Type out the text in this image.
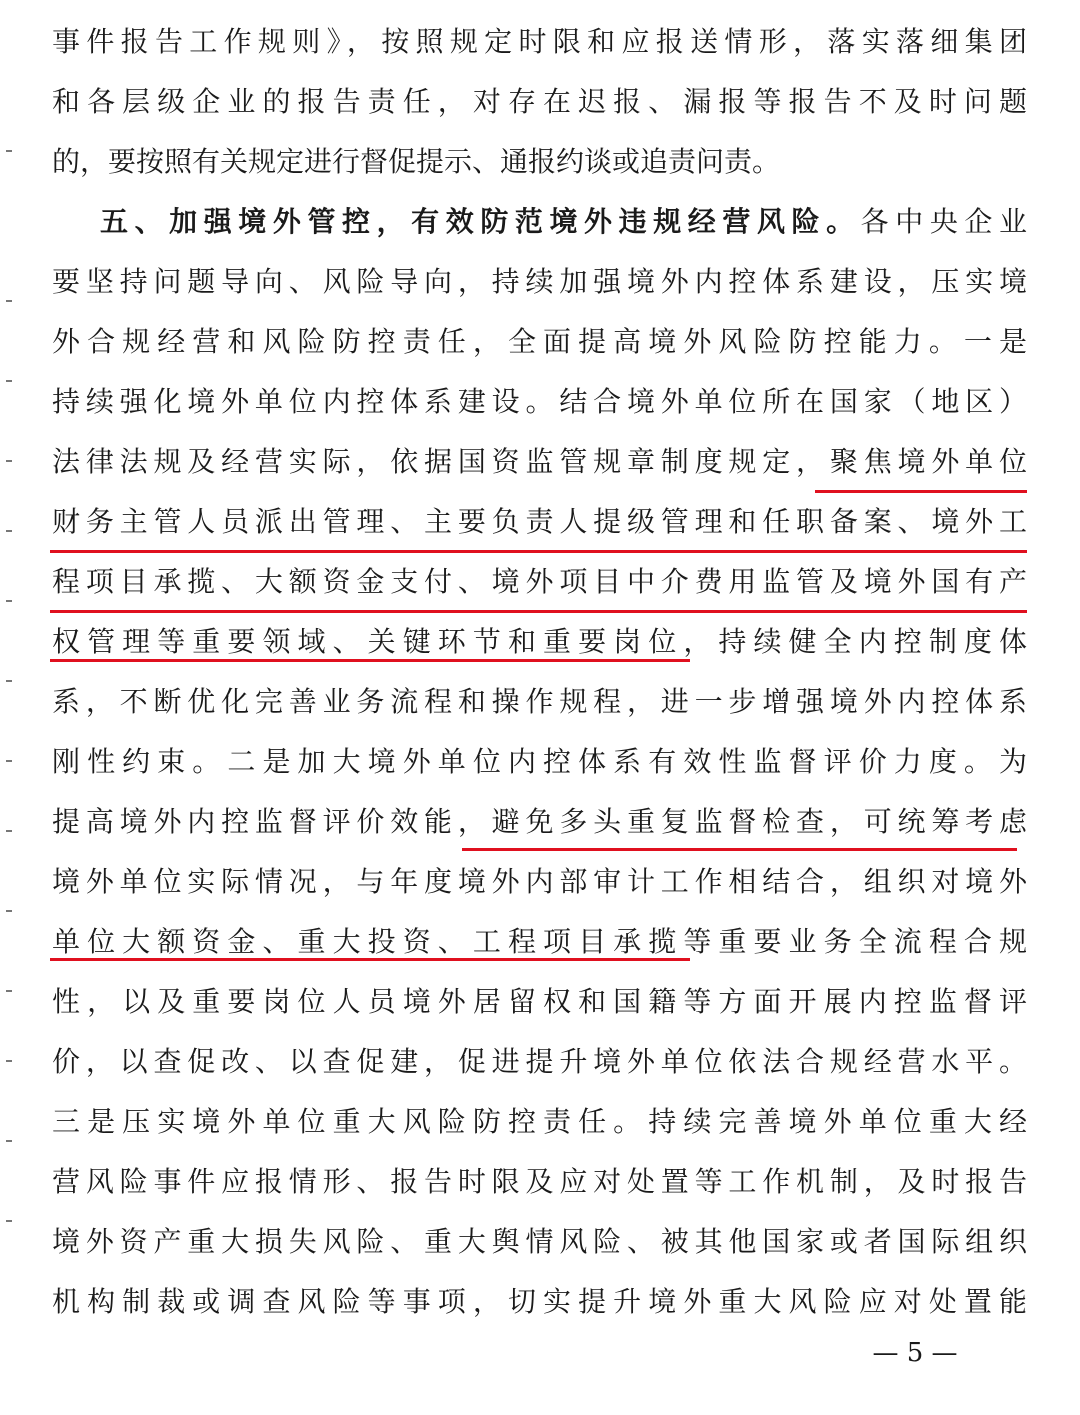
事件报告工作规则》，按照规定时限和应报送情形，落实落细集团
和各层级企业的报告责任，对存在迟报、漏报等报告不及时问题
的，要按照有关规定进行督促提示、通报约谈或追责问责。
五、加强境外管控，有效防范境外违规经营风险。各中央企业
要坚持问题导向、风险导向，持续加强境外内控体系建设，压实境
外合规经营和风险防控责任，全面提高境外风险防控能力。一是
持续强化境外单位内控体系建设。结合境外单位所在国家（地区）
法律法规及经营实际，依据国资监管规章制度规定，聚焦境外单位
财务主管人员派出管理、主要负责人提级管理和任职备案、境外工
程项目承揽、大额资金支付、境外项目中介费用监管及境外国有产
权管理等重要领域、关键环节和重要岗位，持续健全内控制度体
系，不断优化完善业务流程和操作规程，进一步增强境外内控体系
刚性约束。二是加大境外单位内控体系有效性监督评价力度。为
提高境外内控监督评价效能，避免多头重复监督检查，可统筹考虑
境外单位实际情况，与年度境外内部审计工作相结合，组织对境外
单位大额资金、重大投资、工程项目承揽等重要业务全流程合规
性，以及重要岗位人员境外居留权和国籍等方面开展内控监督评
价，以查促改、以查促建，促进提升境外单位依法合规经营水平。
三是压实境外单位重大风险防控责任。持续完善境外单位重大经
营风险事件应报情形、报告时限及应对处置等工作机制，及时报告
境外资产重大损失风险、重大舆情风险、被其他国家或者国际组织
机构制裁或调查风险等事项，切实提升境外重大风险应对处置能
— 5 —
